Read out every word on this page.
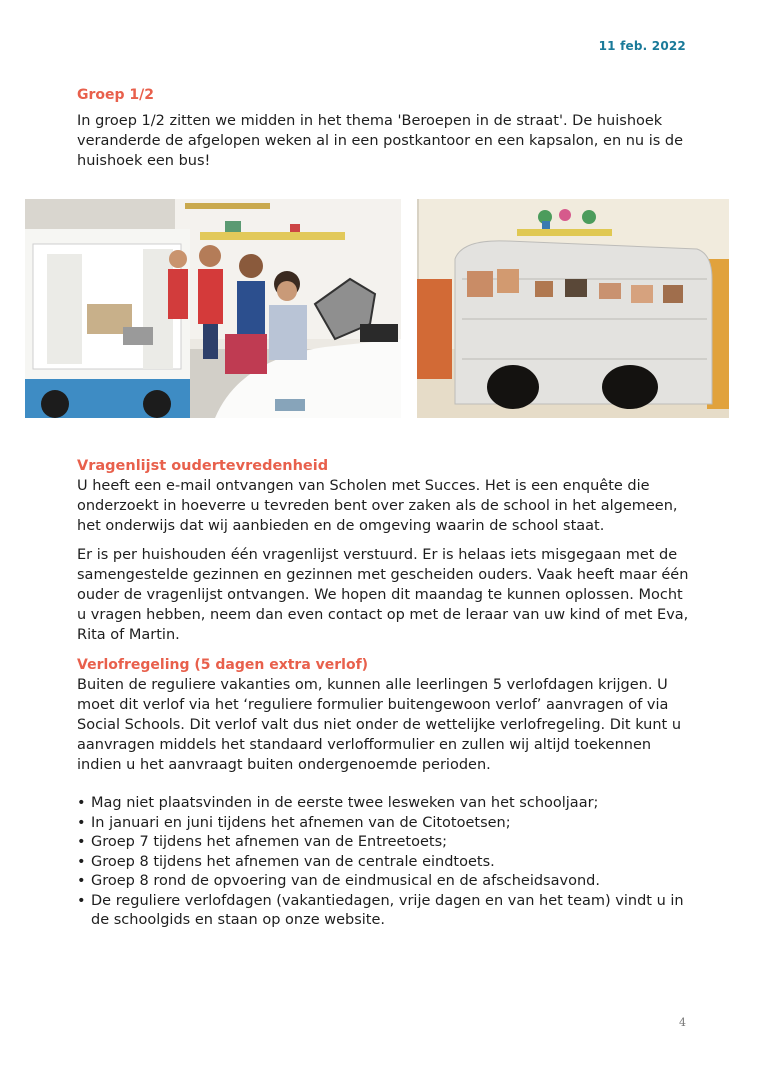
11 feb. 2022
Groep 1/2

In groep 1/2 zitten we midden in het thema 'Beroepen in de straat'. De huishoek veranderde de afgelopen weken al in een postkantoor en een kapsalon, en nu is de huishoek een bus!

Vragenlijst oudertevredenheid

U heeft een e-mail ontvangen van Scholen met Succes. Het is een enquête die onderzoekt in hoeverre u tevreden bent over zaken als de school in het algemeen, het onderwijs dat wij aanbieden en de omgeving waarin de school staat.

Er is per huishouden één vragenlijst verstuurd. Er is helaas iets misgegaan met de samengestelde gezinnen en gezinnen met gescheiden ouders. Vaak heeft maar één ouder de vragenlijst ontvangen. We hopen dit maandag te kunnen oplossen. Mocht u vragen hebben, neem dan even contact op met de leraar van uw kind of met Eva, Rita of Martin.

Verlofregeling (5 dagen extra verlof)

Buiten de reguliere vakanties om, kunnen alle leerlingen 5 verlofdagen krijgen. U moet dit verlof via het ‘reguliere formulier buitengewoon verlof’ aanvragen of via Social Schools. Dit verlof valt dus niet onder de wettelijke verlofregeling. Dit kunt u aanvragen middels het standaard verlofformulier en zullen wij altijd toekennen indien u het aanvraagt buiten ondergenoemde perioden.

• Mag niet plaatsvinden in de eerste twee lesweken van het schooljaar;
• In januari en juni tijdens het afnemen van de Citotoetsen;
• Groep 7 tijdens het afnemen van de Entreetoets;
• Groep 8 tijdens het afnemen van de centrale eindtoets.
• Groep 8 rond de opvoering van de eindmusical en de afscheidsavond.
• De reguliere verlofdagen (vakantiedagen, vrije dagen en van het team) vindt u in de schoolgids en staan op onze website.
4
